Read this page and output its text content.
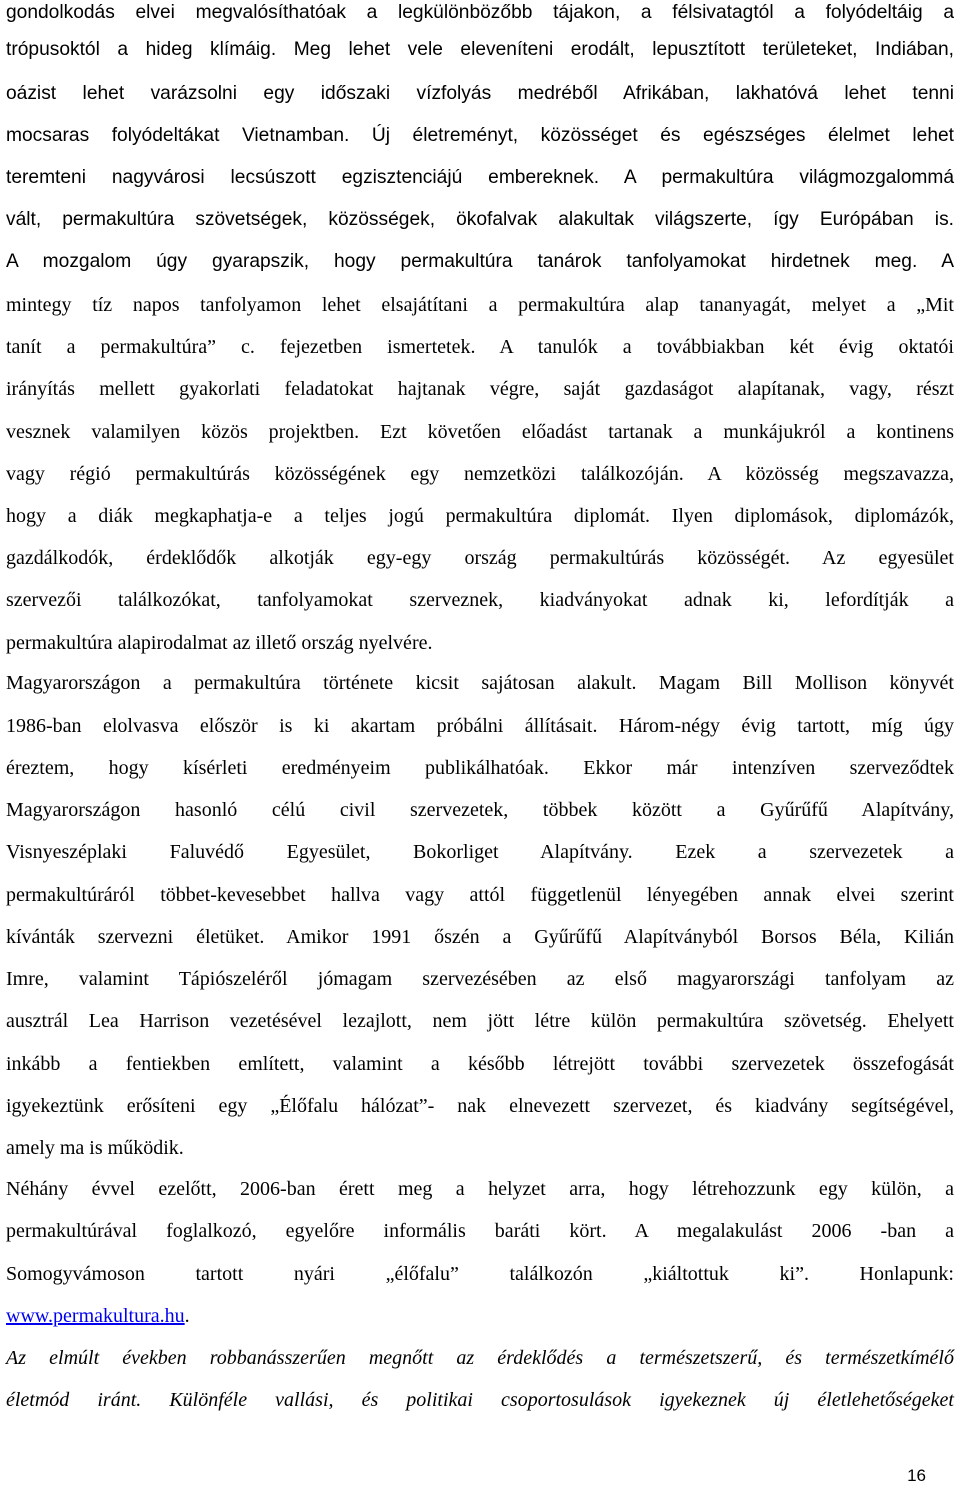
gondolkodás elvei megvalósíthatóak a legkülönbözőbb tájakon, a félsivatagtól a folyódeltáig a
trópusoktól a hideg klímáig. Meg lehet vele eleveníteni erodált, lepusztított területeket, Indiában,
oázist lehet varázsolni egy időszaki vízfolyás medréből Afrikában, lakhatóvá lehet tenni
mocsaras folyódeltákat Vietnamban. Új életreményt, közösséget és egészséges élelmet lehet
teremteni nagyvárosi lecsúszott egzisztenciájú embereknek. A permakultúra világmozgalommá
vált, permakultúra szövetségek, közösségek, ökofalvak alakultak világszerte, így Európában is.
A mozgalom úgy gyarapszik, hogy permakultúra tanárok tanfolyamokat hirdetnek meg. A
mintegy tíz napos tanfolyamon lehet elsajátítani a permakultúra alap tananyagát, melyet a „Mit
tanít a permakultúra” c. fejezetben ismertetek. A tanulók a továbbiakban két évig oktatói
irányítás mellett gyakorlati feladatokat hajtanak végre, saját gazdaságot alapítanak, vagy, részt
vesznek valamilyen közös projektben. Ezt követően előadást tartanak a munkájukról a kontinens
vagy régió permakultúrás közösségének egy nemzetközi találkozóján. A közösség megszavazza,
hogy a diák megkaphatja-e a teljes jogú permakultúra diplomát. Ilyen diplomások, diplomázók,
gazdálkodók, érdeklődők alkotják egy-egy ország permakultúrás közösségét. Az egyesület
szervezői találkozókat, tanfolyamokat szerveznek, kiadványokat adnak ki, lefordítják a
permakultúra alapirodalmat az illető ország nyelvére.
Magyarországon a permakultúra története kicsit sajátosan alakult. Magam Bill Mollison könyvét
1986-ban elolvasva először is ki akartam próbálni állításait. Három-négy évig tartott, míg úgy
éreztem, hogy kísérleti eredményeim publikálhatóak. Ekkor már intenzíven szerveződtek
Magyarországon hasonló célú civil szervezetek, többek között a Gyűrűfű Alapítvány,
Visnyeszéplaki Faluvédő Egyesület, Bokorliget Alapítvány. Ezek a szervezetek a
permakultúráról többet-kevesebbet hallva vagy attól függetlenül lényegében annak elvei szerint
kívánták szervezni életüket. Amikor 1991 őszén a Gyűrűfű Alapítványból Borsos Béla, Kilián
Imre, valamint Tápiószeléről jómagam szervezésében az első magyarországi tanfolyam az
ausztrál Lea Harrison vezetésével lezajlott, nem jött létre külön permakultúra szövetség. Ehelyett
inkább a fentiekben említett, valamint a később létrejött további szervezetek összefogását
igyekeztünk erősíteni egy „Élőfalu hálózat”- nak elnevezett szervezet, és kiadvány segítségével,
amely ma is működik.
Néhány évvel ezelőtt, 2006-ban érett meg a helyzet arra, hogy létrehozzunk egy külön, a
permakultúrával foglalkozó, egyelőre informális baráti kört. A megalakulást 2006 -ban a
Somogyvámoson tartott nyári „élőfalu” találkozón „kiáltottuk ki”. Honlapunk:
www.permakultura.hu.
Az elmúlt években robbanásszerűen megnőtt az érdeklődés a természetszerű, és természetkímélő
életmód iránt. Különféle vallási, és politikai csoportosulások igyekeznek új életlehetőségeket
16
